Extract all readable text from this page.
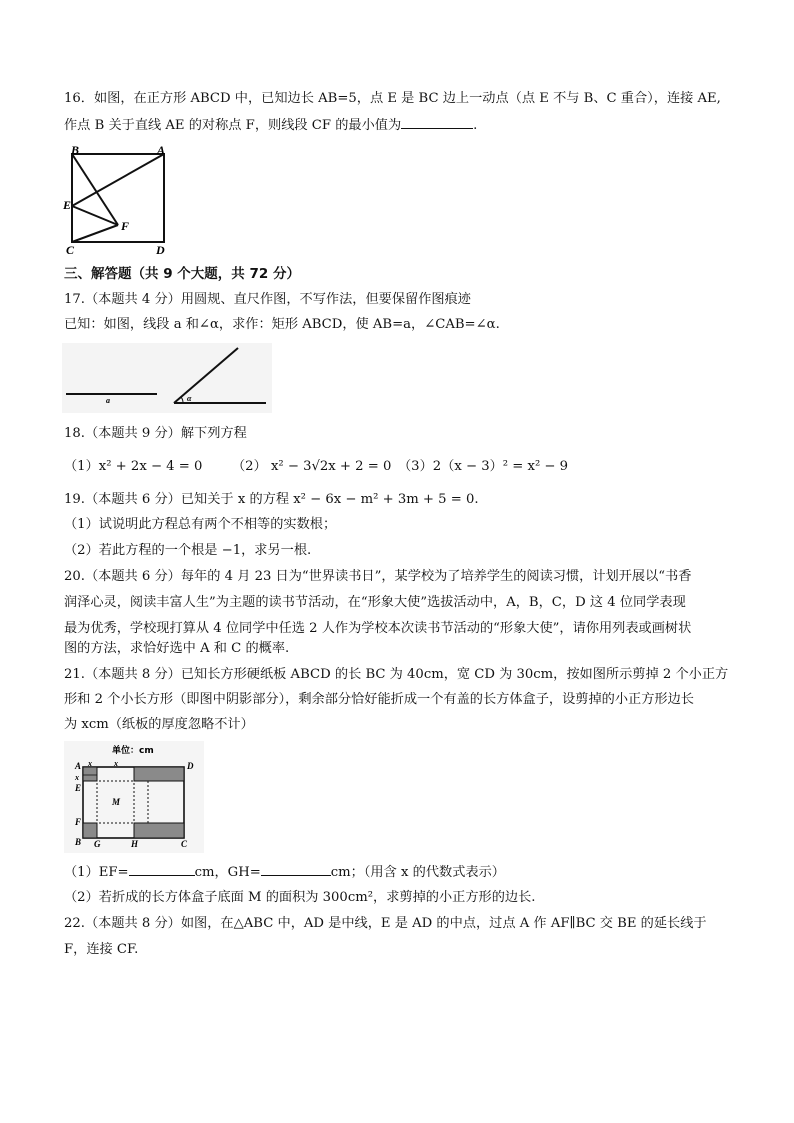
16．如图，在正方形 ABCD 中，已知边长 AB=5，点 E 是 BC 边上一动点（点 E 不与 B、C 重合），连接 AE,
作点 B 关于直线 AE 的对称点 F，则线段 CF 的最小值为	.
B	A
E
F
C	D
三、解答题（共 9 个大题，共 72 分）
17.（本题共 4 分）用圆规、直尺作图，不写作法，但要保留作图痕迹
已知：如图，线段 a 和∠α，求作：矩形 ABCD，使 AB=a，∠CAB=∠α.
a	α
18.（本题共 9 分）解下列方程
（1）x² + 2x − 4 = 0 （2） x² − 3√2x + 2 = 0 （3）2（x − 3）² = x² − 9
19.（本题共 6 分）已知关于 x 的方程 x² − 6x − m² + 3m + 5 = 0.
（1）试说明此方程总有两个不相等的实数根；
（2）若此方程的一个根是 −1，求另一根.
20.（本题共 6 分）每年的 4 月 23 日为“世界读书日”，某学校为了培养学生的阅读习惯，计划开展以“书香
润泽心灵，阅读丰富人生”为主题的读书节活动，在“形象大使”选拔活动中，A，B，C，D 这 4 位同学表现
最为优秀，学校现打算从 4 位同学中任选 2 人作为学校本次读书节活动的“形象大使”，请你用列表或画树状
图的方法，求恰好选中 A 和 C 的概率.
21.（本题共 8 分）已知长方形硬纸板 ABCD 的长 BC 为 40cm，宽 CD 为 30cm，按如图所示剪掉 2 个小正方
形和 2 个小长方形（即图中阴影部分），剩余部分恰好能折成一个有盖的长方体盒子，设剪掉的小正方形边长
为 xcm（纸板的厚度忽略不计）
单位：cm
A x	x
x
D
E
M
F
B G	H	C
（1）EF=	cm，GH=	cm；（用含 x 的代数式表示）
（2）若折成的长方体盒子底面 M 的面积为 300cm²，求剪掉的小正方形的边长.
22.（本题共 8 分）如图，在△ABC 中，AD 是中线，E 是 AD 的中点，过点 A 作 AF∥BC 交 BE 的延长线于
F，连接 CF.
